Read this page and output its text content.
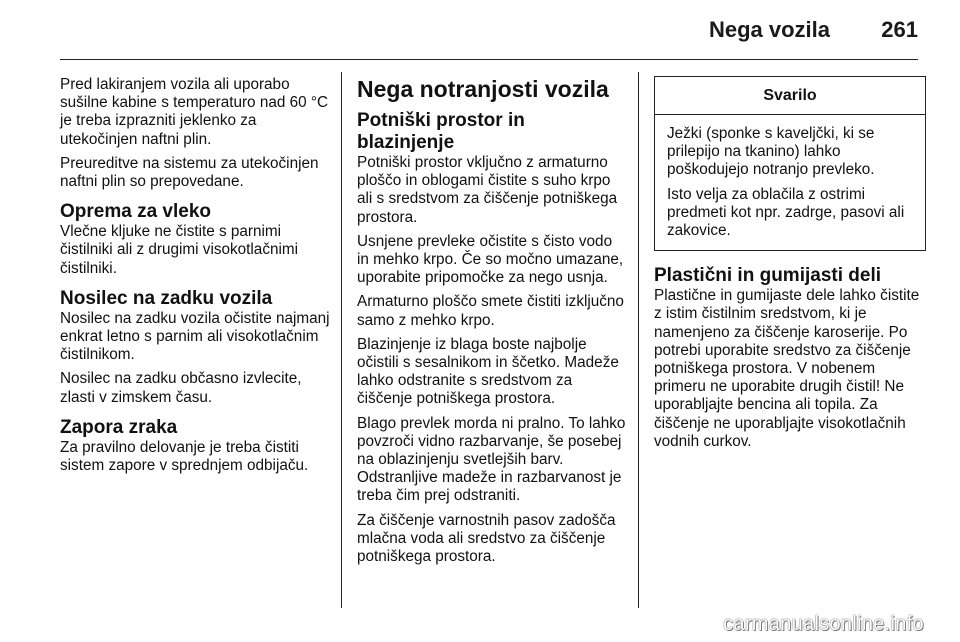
Nega vozila 261

Pred lakiranjem vozila ali uporabo sušilne kabine s temperaturo nad 60 °C je treba izprazniti jeklenko za utekočinjen naftni plin.

Preureditve na sistemu za utekočinjen naftni plin so prepovedane.

Oprema za vleko

Vlečne kljuke ne čistite s parnimi čistilniki ali z drugimi visokotlačnimi čistilniki.

Nosilec na zadku vozila

Nosilec na zadku vozila očistite najmanj enkrat letno s parnim ali visokotlačnim čistilnikom.

Nosilec na zadku občasno izvlecite, zlasti v zimskem času.

Zapora zraka

Za pravilno delovanje je treba čistiti sistem zapore v sprednjem odbijaču.

Nega notranjosti vozila
Potniški prostor in blazinjenje

Potniški prostor vključno z armaturno ploščo in oblogami čistite s suho krpo ali s sredstvom za čiščenje potniškega prostora.

Usnjene prevleke očistite s čisto vodo in mehko krpo. Če so močno umazane, uporabite pripomočke za nego usnja.

Armaturno ploščo smete čistiti izključno samo z mehko krpo.

Blazinjenje iz blaga boste najbolje očistili s sesalnikom in ščetko. Madeže lahko odstranite s sredstvom za čiščenje potniškega prostora.

Blago prevlek morda ni pralno. To lahko povzroči vidno razbarvanje, še posebej na oblazinjenju svetlejših barv. Odstranljive madeže in razbarvanost je treba čim prej odstraniti.

Za čiščenje varnostnih pasov zadošča mlačna voda ali sredstvo za čiščenje potniškega prostora.

Svarilo

Ježki (sponke s kaveljčki, ki se prilepijo na tkanino) lahko poškodujejo notranjo prevleko.

Isto velja za oblačila z ostrimi predmeti kot npr. zadrge, pasovi ali zakovice.

Plastični in gumijasti deli

Plastične in gumijaste dele lahko čistite z istim čistilnim sredstvom, ki je namenjeno za čiščenje karoserije. Po potrebi uporabite sredstvo za čiščenje potniškega prostora. V nobenem primeru ne uporabite drugih čistil! Ne uporabljajte bencina ali topila. Za čiščenje ne uporabljajte visokotlačnih vodnih curkov.

carmanualsonline.info
